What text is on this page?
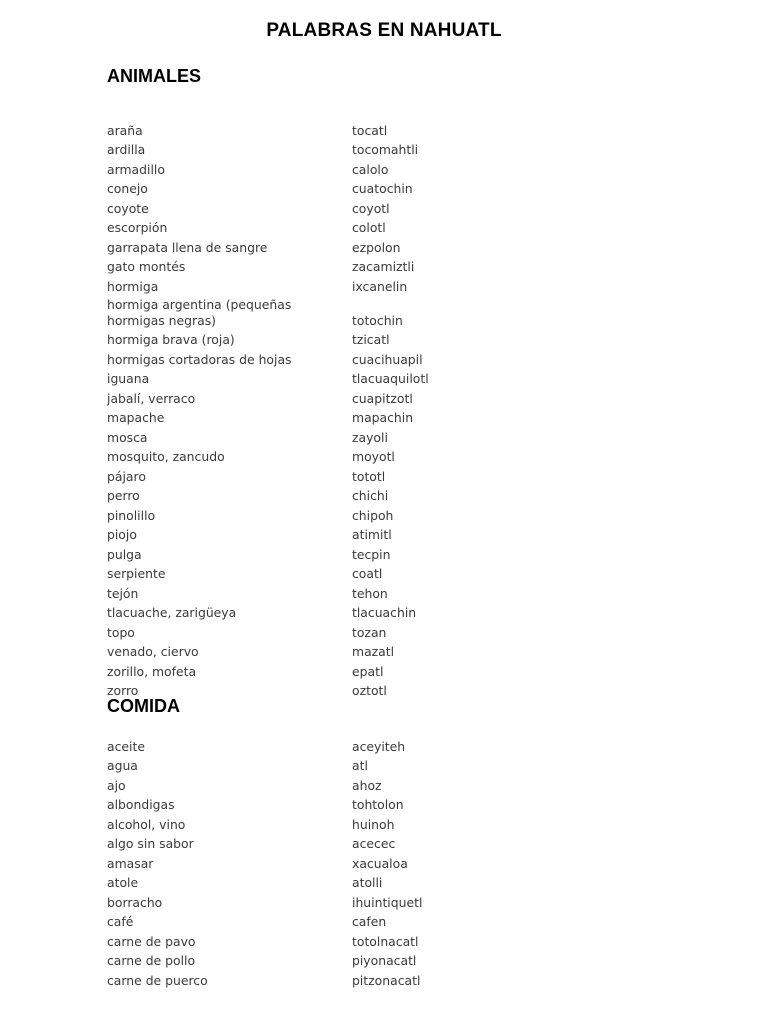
PALABRAS EN NAHUATL
ANIMALES
araña	tocatl
ardilla	tocomahtli
armadillo	calolo
conejo	cuatochin
coyote	coyotl
escorpión	colotl
garrapata llena de sangre	ezpolon
gato montés	zacamiztli
hormiga	ixcanelin
hormiga argentina (pequeñas hormigas negras)	totochin
hormiga brava (roja)	tzicatl
hormigas cortadoras de hojas	cuacihuapil
iguana	tlacuaquilotl
jabalí, verraco	cuapitzotl
mapache	mapachin
mosca	zayoli
mosquito, zancudo	moyotl
pájaro	tototl
perro	chichi
pinolillo	chipoh
piojo	atimitl
pulga	tecpin
serpiente	coatl
tejón	tehon
tlacuache, zarigüeya	tlacuachin
topo	tozan
venado, ciervo	mazatl
zorillo, mofeta	epatl
zorro	oztotl
COMIDA
aceite	aceyiteh
agua	atl
ajo	ahoz
albondigas	tohtolon
alcohol, vino	huinoh
algo sin sabor	acecec
amasar	xacualoa
atole	atolli
borracho	ihuintiquetl
café	cafen
carne de pavo	totolnacatl
carne de pollo	piyonacatl
carne de puerco	pitzonacatl
